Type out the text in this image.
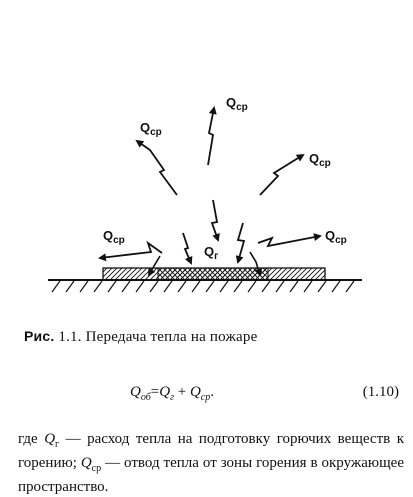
$Q_{ср}$
$Q_{ср}$
$Q_{ср}$
$Q_{ср}$	$Q_{ср}$
$Q_г$
Рис. 1.1. Передача тепла на пожаре
$Q_{об}=Q_г + Q_{ср}$.	(1.10)
где $Q_г$ — расход тепла на подготовку горючих веществ к горению; $Q_{ср}$ — отвод тепла от зоны горения в окружающее пространство.
